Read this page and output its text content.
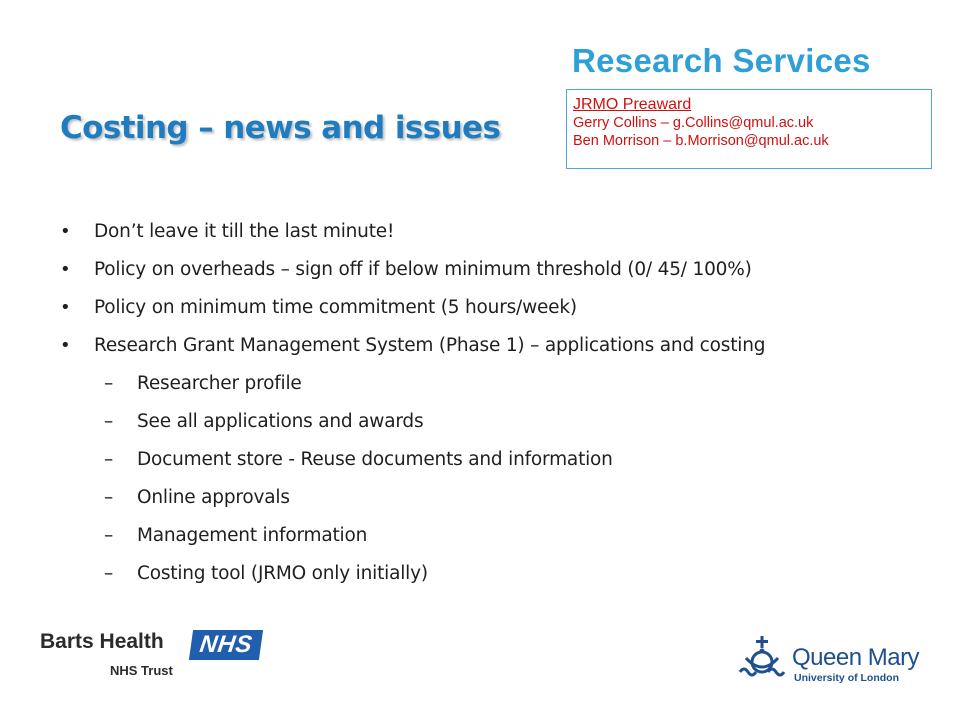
Research Services
JRMO Preaward
Gerry Collins – g.Collins@qmul.ac.uk
Ben Morrison – b.Morrison@qmul.ac.uk
Costing – news and issues
• Don’t leave it till the last minute!
• Policy on overheads – sign off if below minimum threshold (0/ 45/ 100%)
• Policy on minimum time commitment (5 hours/week)
• Research Grant Management System (Phase 1) – applications and costing
– Researcher profile
– See all applications and awards
– Document store - Reuse documents and information
– Online approvals
– Management information
– Costing tool (JRMO only initially)
Barts Health	NHS
NHS Trust	Queen Mary
University of London
